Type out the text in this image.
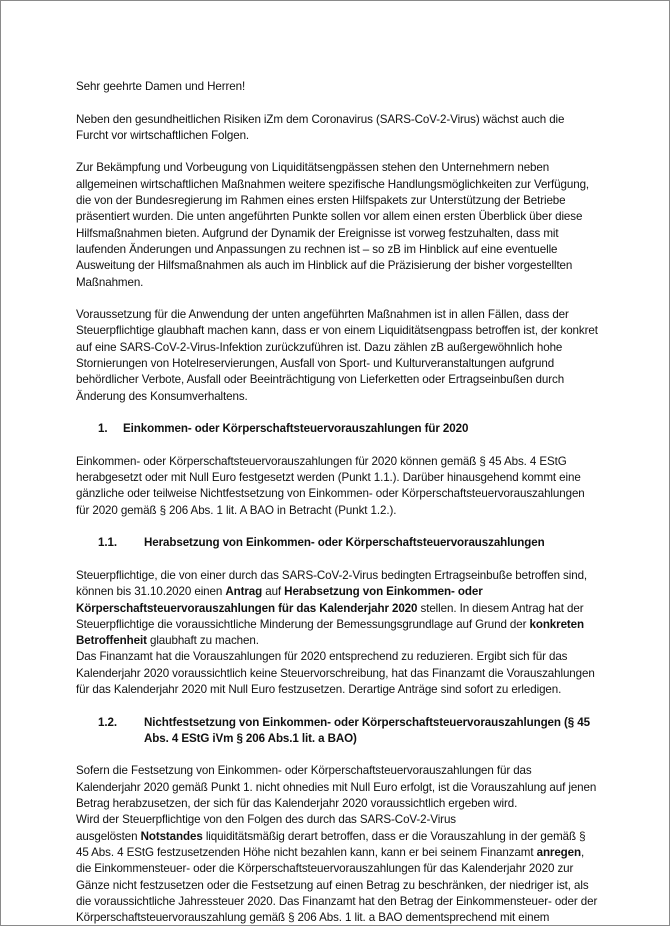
Sehr geehrte Damen und Herren!

Neben den gesundheitlichen Risiken iZm dem Coronavirus (SARS-CoV-2-Virus) wächst auch die Furcht vor wirtschaftlichen Folgen.

Zur Bekämpfung und Vorbeugung von Liquiditätsengpässen stehen den Unternehmern neben allgemeinen wirtschaftlichen Maßnahmen weitere spezifische Handlungsmöglichkeiten zur Verfügung, die von der Bundesregierung im Rahmen eines ersten Hilfspakets zur Unterstützung der Betriebe präsentiert wurden. Die unten angeführten Punkte sollen vor allem einen ersten Überblick über diese Hilfsmaßnahmen bieten. Aufgrund der Dynamik der Ereignisse ist vorweg festzuhalten, dass mit laufenden Änderungen und Anpassungen zu rechnen ist – so zB im Hinblick auf eine eventuelle Ausweitung der Hilfsmaßnahmen als auch im Hinblick auf die Präzisierung der bisher vorgestellten Maßnahmen.

Voraussetzung für die Anwendung der unten angeführten Maßnahmen ist in allen Fällen, dass der Steuerpflichtige glaubhaft machen kann, dass er von einem Liquiditätsengpass betroffen ist, der konkret auf eine SARS-CoV-2-Virus-Infektion zurückzuführen ist. Dazu zählen zB außergewöhnlich hohe Stornierungen von Hotelreservierungen, Ausfall von Sport- und Kulturveranstaltungen aufgrund behördlicher Verbote, Ausfall oder Beeinträchtigung von Lieferketten oder Ertragseinbußen durch Änderung des Konsumverhaltens.

1.	Einkommen- oder Körperschaftsteuervorauszahlungen für 2020

Einkommen- oder Körperschaftsteuervorauszahlungen für 2020 können gemäß § 45 Abs. 4 EStG herabgesetzt oder mit Null Euro festgesetzt werden (Punkt 1.1.). Darüber hinausgehend kommt eine gänzliche oder teilweise Nichtfestsetzung von Einkommen- oder Körperschaftsteuervorauszahlungen für 2020 gemäß § 206 Abs. 1 lit. A BAO in Betracht (Punkt 1.2.).

1.1.	Herabsetzung von Einkommen- oder Körperschaftsteuervorauszahlungen

Steuerpflichtige, die von einer durch das SARS-CoV-2-Virus bedingten Ertragseinbuße betroffen sind, können bis 31.10.2020 einen Antrag auf Herabsetzung von Einkommen- oder Körperschaftsteuervorauszahlungen für das Kalenderjahr 2020 stellen. In diesem Antrag hat der Steuerpflichtige die voraussichtliche Minderung der Bemessungsgrundlage auf Grund der konkreten Betroffenheit glaubhaft zu machen.

Das Finanzamt hat die Vorauszahlungen für 2020 entsprechend zu reduzieren. Ergibt sich für das Kalenderjahr 2020 voraussichtlich keine Steuervorschreibung, hat das Finanzamt die Vorauszahlungen für das Kalenderjahr 2020 mit Null Euro festzusetzen. Derartige Anträge sind sofort zu erledigen.

1.2.	Nichtfestsetzung von Einkommen- oder Körperschaftsteuervorauszahlungen (§ 45 Abs. 4 EStG iVm § 206 Abs.1 lit. a BAO)

Sofern die Festsetzung von Einkommen- oder Körperschaftsteuervorauszahlungen für das Kalenderjahr 2020 gemäß Punkt 1. nicht ohnedies mit Null Euro erfolgt, ist die Vorauszahlung auf jenen Betrag herabzusetzen, der sich für das Kalenderjahr 2020 voraussichtlich ergeben wird.

Wird der Steuerpflichtige von den Folgen des durch das SARS-CoV-2-Virus

ausgelösten Notstandes liquiditätsmäßig derart betroffen, dass er die Vorauszahlung in der gemäß § 45 Abs. 4 EStG festzusetzenden Höhe nicht bezahlen kann, kann er bei seinem Finanzamt anregen, die Einkommensteuer- oder die Körperschaftsteuervorauszahlungen für das Kalenderjahr 2020 zur Gänze nicht festzusetzen oder die Festsetzung auf einen Betrag zu beschränken, der niedriger ist, als die voraussichtliche Jahressteuer 2020. Das Finanzamt hat den Betrag der Einkommensteuer- oder der Körperschaftsteuervorauszahlung gemäß § 206 Abs. 1 lit. a BAO dementsprechend mit einem
